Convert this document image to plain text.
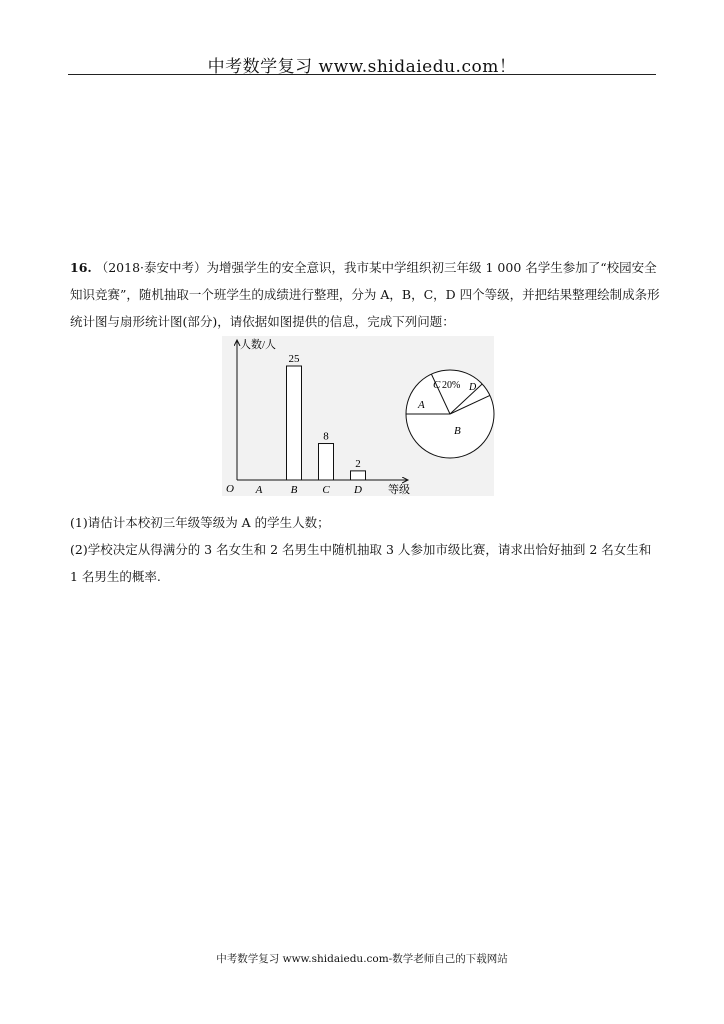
中考数学复习 www.shidaiedu.com！
16. （2018·泰安中考）为增强学生的安全意识，我市某中学组织初三年级 1 000 名学生参加了“校园安全知识竞赛”，随机抽取一个班学生的成绩进行整理，分为 A，B，C，D 四个等级，并把结果整理绘制成条形统计图与扇形统计图(部分)，请依据如图提供的信息，完成下列问题：
人数/人
O	等级
A
25
B
8
C
2
D
A
B
C 20% D
(1)请估计本校初三年级等级为 A 的学生人数；
(2)学校决定从得满分的 3 名女生和 2 名男生中随机抽取 3 人参加市级比赛，请求出恰好抽到 2 名女生和 1 名男生的概率.
中考数学复习 www.shidaiedu.com-数学老师自己的下载网站
